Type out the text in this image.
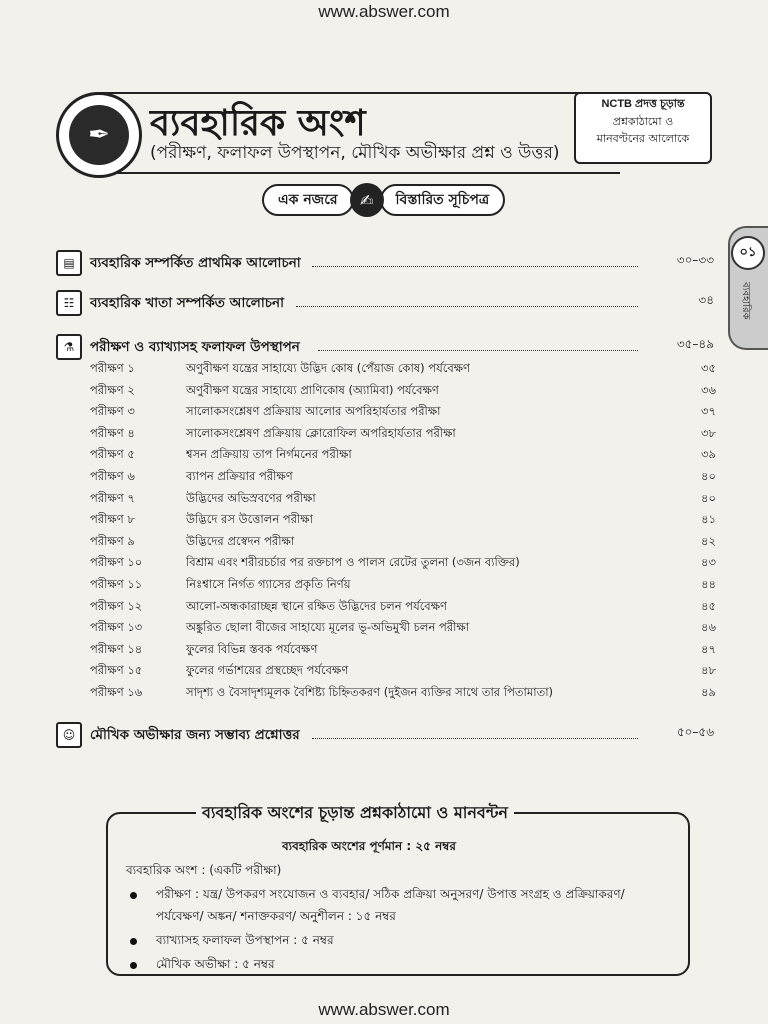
www.abswer.com
✒	ব্যবহারিক অংশ
(পরীক্ষণ, ফলাফল উপস্থাপন, মৌখিক অভীক্ষার প্রশ্ন ও উত্তর)
NCTB প্রদত্ত চূড়ান্ত
প্রশ্নকাঠামো ও
মানবণ্টনের আলোকে
এক নজরে	✍	বিস্তারিত সূচিপত্র
০১
ব্যবহারিক
▤	ব্যবহারিক সম্পর্কিত প্রাথমিক আলোচনা	৩০–৩৩
☷	ব্যবহারিক খাতা সম্পর্কিত আলোচনা	৩৪
⚗	পরীক্ষণ ও ব্যাখ্যাসহ ফলাফল উপস্থাপন	৩৫–৪৯
পরীক্ষণ ১	অণুবীক্ষণ যন্ত্রের সাহায্যে উদ্ভিদ কোষ (পেঁয়াজ কোষ) পর্যবেক্ষণ	৩৫
পরীক্ষণ ২	অণুবীক্ষণ যন্ত্রের সাহায্যে প্রাণিকোষ (অ্যামিবা) পর্যবেক্ষণ	৩৬
পরীক্ষণ ৩	সালোকসংশ্লেষণ প্রক্রিয়ায় আলোর অপরিহার্যতার পরীক্ষা	৩৭
পরীক্ষণ ৪	সালোকসংশ্লেষণ প্রক্রিয়ায় ক্লোরোফিল অপরিহার্যতার পরীক্ষা	৩৮
পরীক্ষণ ৫	শ্বসন প্রক্রিয়ায় তাপ নির্গমনের পরীক্ষা	৩৯
পরীক্ষণ ৬	ব্যাপন প্রক্রিয়ার পরীক্ষণ	৪০
পরীক্ষণ ৭	উদ্ভিদের অভিস্রবণের পরীক্ষা	৪০
পরীক্ষণ ৮	উদ্ভিদে রস উত্তোলন পরীক্ষা	৪১
পরীক্ষণ ৯	উদ্ভিদের প্রস্বেদন পরীক্ষা	৪২
পরীক্ষণ ১০	বিশ্রাম এবং শরীরচর্চার পর রক্তচাপ ও পালস রেটের তুলনা (৩জন ব্যক্তির)	৪৩
পরীক্ষণ ১১	নিঃশ্বাসে নির্গত গ্যাসের প্রকৃতি নির্ণয়	৪৪
পরীক্ষণ ১২	আলো-অন্ধকারাচ্ছন্ন স্থানে রক্ষিত উদ্ভিদের চলন পর্যবেক্ষণ	৪৫
পরীক্ষণ ১৩	অঙ্কুরিত ছোলা বীজের সাহায্যে মূলের ভূ-অভিমুখী চলন পরীক্ষা	৪৬
পরীক্ষণ ১৪	ফুলের বিভিন্ন স্তবক পর্যবেক্ষণ	৪৭
পরীক্ষণ ১৫	ফুলের গর্ভাশয়ের প্রস্থচ্ছেদ পর্যবেক্ষণ	৪৮
পরীক্ষণ ১৬	সাদৃশ্য ও বৈসাদৃশ্যমূলক বৈশিষ্ট্য চিহ্নিতকরণ (দুইজন ব্যক্তির সাথে তার পিতামাতা)	৪৯
☺	মৌখিক অভীক্ষার জন্য সম্ভাব্য প্রশ্নোত্তর	৫০–৫৬
ব্যবহারিক অংশের চূড়ান্ত প্রশ্নকাঠামো ও মানবন্টন
ব্যবহারিক অংশের পূর্ণমান : ২৫ নম্বর
ব্যবহারিক অংশ : (একটি পরীক্ষা)
পরীক্ষণ : যন্ত্র/ উপকরণ সংযোজন ও ব্যবহার/ সঠিক প্রক্রিয়া অনুসরণ/ উপাত্ত সংগ্রহ ও প্রক্রিয়াকরণ/
পর্যবেক্ষণ/ অঙ্কন/ শনাক্তকরণ/ অনুশীলন : ১৫ নম্বর
ব্যাখ্যাসহ ফলাফল উপস্থাপন : ৫ নম্বর
মৌখিক অভীক্ষা : ৫ নম্বর
www.abswer.com
